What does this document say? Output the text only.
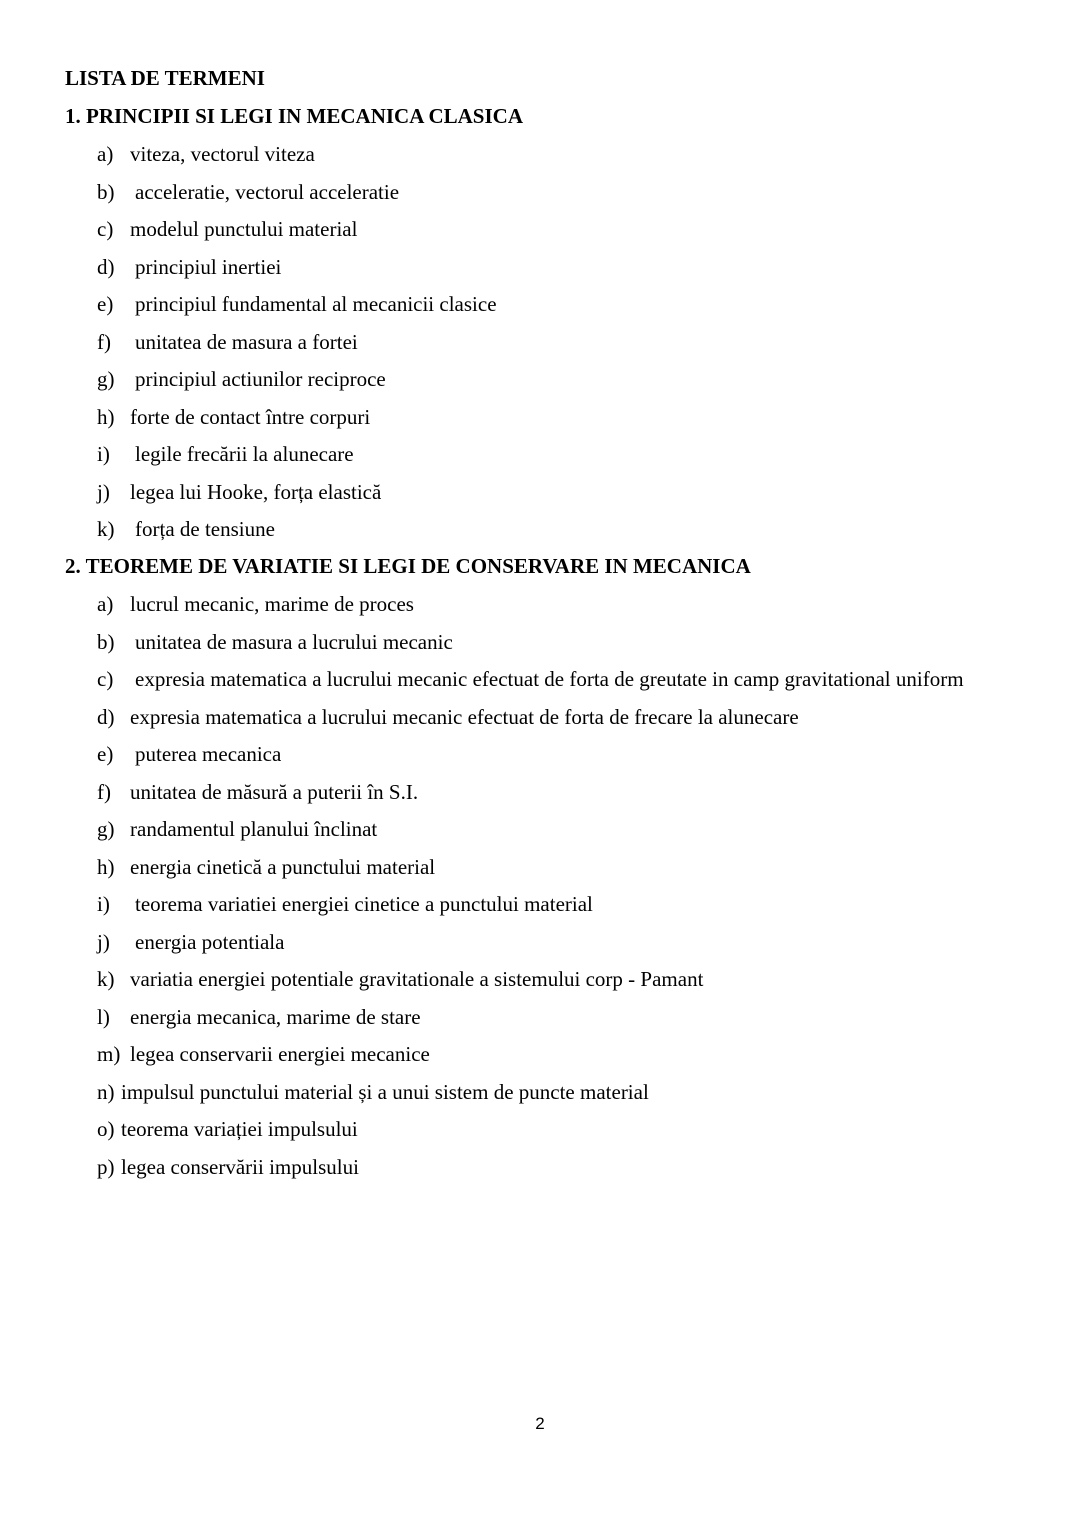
LISTA DE TERMENI
1. PRINCIPII SI LEGI IN MECANICA CLASICA
a) viteza, vectorul viteza
b) acceleratie, vectorul acceleratie
c) modelul punctului material
d) principiul inertiei
e) principiul fundamental al mecanicii clasice
f) unitatea de masura a fortei
g) principiul actiunilor reciproce
h) forte de contact între corpuri
i) legile frecării la alunecare
j) legea lui Hooke, forța elastică
k) forța de tensiune
2. TEOREME DE VARIATIE SI LEGI DE CONSERVARE IN MECANICA
a) lucrul mecanic, marime de proces
b) unitatea de masura a lucrului mecanic
c) expresia matematica a lucrului mecanic efectuat de forta de greutate in camp gravitational uniform
d) expresia matematica a lucrului mecanic efectuat de forta de frecare la alunecare
e) puterea mecanica
f) unitatea de măsură a puterii în S.I.
g) randamentul planului înclinat
h) energia cinetică a punctului material
i) teorema variatiei energiei cinetice a punctului material
j) energia potentiala
k) variatia energiei potentiale gravitationale a sistemului corp - Pamant
l) energia mecanica, marime de stare
m) legea conservarii energiei mecanice
n) impulsul punctului material și a unui sistem de puncte material
o) teorema variației impulsului
p) legea conservării impulsului
2
